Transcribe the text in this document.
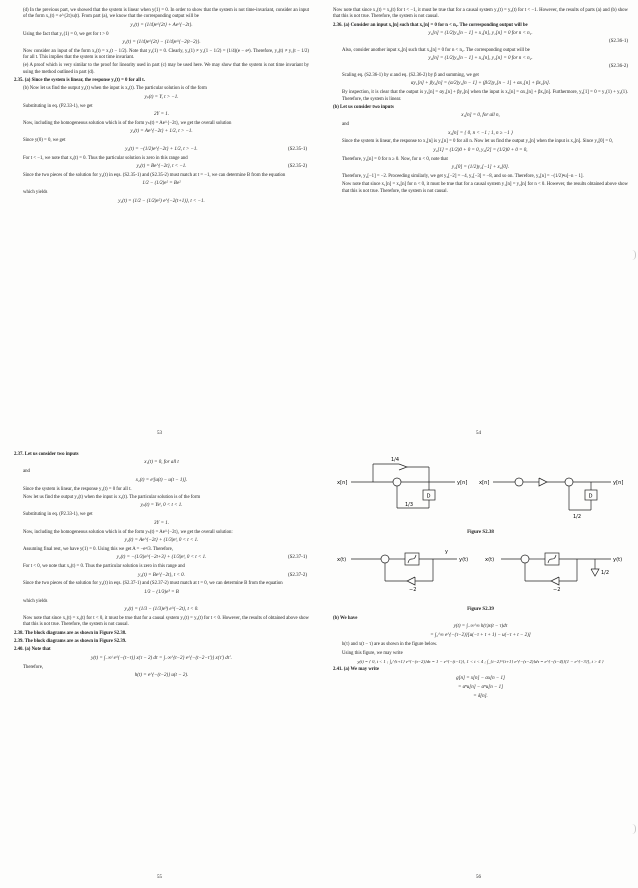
(d) In the previous part, we showed that the system is linear when y(1) = 0. In order to show that the system is not time-invariant, consider an input of the form x₁(t) = e^{2t}u(t). From part (a), we know that the corresponding output will be

y₁(t) = (1/4)e^{2t} + Ae^{−2t}.

Using the fact that y₁(1) = 0, we get for t > 0

y₁(t) = (1/4)e^{2t} − (1/4)e^{−2(t−2)}.

Now consider an input of the form x₂(t) = x₁(t − 1/2). Note that y₂(1) = 0. Clearly, y₂(1) ≠ y₁(1 − 1/2) = (1/4)(e − e²). Therefore, y₂(t) ≠ y₁(t − 1/2) for all t. This implies that the system is not time invariant.

(e) A proof which is very similar to the proof for linearity used in part (c) may be used here. We may show that the system is not time invariant by using the method outlined in part (d).

2.35. (a) Since the system is linear, the response y₁(t) = 0 for all t.

(b) Now let us find the output y₂(t) when the input is x₂(t). The particular solution is of the form

yₚ(t) = Y, t > −1.

Substituting in eq. (P2.33-1), we get

2Y = 1.

Now, including the homogeneous solution which is of the form yₕ(t) = Ae^{−2t}, we get the overall solution

y₂(t) = Ae^{−2t} + 1/2, t > −1.

Since y(0) = 0, we get

y₂(t) = −(1/2)e^{−2t} + 1/2, t > −1.	(S2.35-1)

For t < −1, we note that x₂(t) = 0. Thus the particular solution is zero in this range and

y₂(t) = Be^{−2t}, t < −1.	(S2.35-2)

Since the two pieces of the solution for y₂(t) in eqs. (S2.35-1) and (S2.35-2) must match at t = −1, we can determine B from the equation

1/2 − (1/2)e² = Be²

which yields

y₂(t) = (1/2 − (1/2)e²) e^{−2(t+1)}, t < −1.
53

Now note that since x₁(t) = x₂(t) for t < −1, it must be true that for a causal system y₁(t) = y₂(t) for t < −1. However, the results of parts (a) and (b) show that this is not true. Therefore, the system is not causal.

2.36. (a) Consider an input x₁[n] such that x₁[n] = 0 for n < n₁. The corresponding output will be

y₁[n] = (1/2)y₁[n − 1] + x₁[n], y₁[n] = 0 for n < n₁.
(S2.36-1)

Also, consider another input x₂[n] such that x₂[n] = 0 for n < n₂. The corresponding output will be

y₂[n] = (1/2)y₂[n − 1] + x₂[n], y₂[n] = 0 for n < n₂.
(S2.36-2)

Scaling eq. (S2.36-1) by α and eq. (S2.36-2) by β and summing, we get

αy₁[n] + βy₂[n] = (α/2)y₁[n − 1] + (β/2)y₂[n − 1] + αx₁[n] + βx₂[n].

By inspection, it is clear that the output is y₃[n] = αy₁[n] + βy₂[n] when the input is x₃[n] = αx₁[n] + βx₂[n]. Furthermore, y₃[1] = 0 = y₁(1) + y₂(1). Therefore, the system is linear.

(b) Let us consider two inputs

x₁[n] = 0, for all n,

and

x₂[n] = { 0, n < −1 ; 1, n ≥ −1 }

Since the system is linear, the response to x₁[n] is y₁[n] = 0 for all n. Now let us find the output y₂[n] when the input is x₂[n]. Since y₂[0] = 0,

y₂[1] = (1/2)0 + 0 = 0, y₂[2] = (1/2)0 + 0 = 0,

Therefore, y₂[n] = 0 for n ≥ 0. Now, for n < 0, note that

y₂[0] = (1/2)y₂[−1] + x₂[0].

Therefore, y₂[−1] = −2. Proceeding similarly, we get y₂[−2] = −4, y₂[−3] = −8, and so on. Therefore, y₂[n] = −(1/2)ⁿu[−n − 1].

Now note that since x₁[n] = x₂[n] for n < 0, it must be true that for a causal system y₁[n] = y₂[n] for n < 0. However, the results obtained above show that this is not true. Therefore, the system is not causal.

54

2.37. Let us consider two inputs

x₁(t) = 0, for all t

and

x₂(t) = eᵗ[u(t) − u(t − 1)].

Since the system is linear, the response y₁(t) = 0 for all t.

Now let us find the output y₂(t) when the input is x₂(t). The particular solution is of the form

yₚ(t) = Yeᵗ, 0 < t < 1.

Substituting in eq. (P2.33-1), we get

3Y = 1.

Now, including the homogeneous solution which is of the form yₕ(t) = Ae^{−2t}, we get the overall solution:

y₂(t) = Ae^{−2t} + (1/3)eᵗ, 0 < t < 1.

Assuming final rest, we have y(1) = 0. Using this we get A = −e²/3. Therefore,

y₂(t) = −(1/3)e^{−2t+3} + (1/3)eᵗ, 0 < t < 1.	(S2.37-1)

For t < 0, we note that x₂(t) = 0. Thus the particular solution is zero in this range and

y₂(t) = Be^{−2t}, t < 0.	(S2.37-2)

Since the two pieces of the solution for y₂(t) in eqs. (S2.37-1) and (S2.37-2) must match at t = 0, we can determine B from the equation

1/3 − (1/3)e³ = B

which yields

y₂(t) = (1/3 − (1/3)e³) e^{−2t}, t < 0.

Now note that since x₁(t) = x₂(t) for t < 0, it must be true that for a causal system y₁(t) = y₂(t) for t < 0. However, the results of obtained above show that this is not true. Therefore, the system is not causal.

2.38. The block diagrams are as shown in Figure S2.38.

2.39. The block diagrams are as shown in Figure S2.39.

2.40. (a) Note that

y(t) = ∫₋∞ᵗ e^{−(t−τ)} x(τ − 2) dτ = ∫₋∞^{t−2} e^{−(t−2−τ′)} x(τ′) dτ′.

Therefore,

h(t) = e^{−(t−2)} u(t − 2).
55
x[n]	y[n]
D
1/4
1/3
x[n]	y[n]
D
1/2
Figure S2.38
x(t)
y
y(t)
−2
x(t)	y(t)
−2
1/2
Figure S2.39

(b) We have

y(t) = ∫₋∞^∞ h(τ)x(t − τ)dτ
= ∫₂^∞ e^{−(τ−2)}[u(−τ + t + 1) − u(−τ + t − 2)]

h(τ) and x(t − τ) are as shown in the figure below.

Using this figure, we may write

y(t) = { 0, t < 1 ; ∫₂^{t+1} e^{−(τ−2)}dτ = 1 − e^{−(t−1)}, 1 < t < 4 ; ∫_{t−2}^{t+1} e^{−(τ−2)}dτ = e^{−(t−4)}[1 − e^{−3}], t > 4 }

2.41. (a) We may write

g[n] = x[n] − αx[n − 1]
= αⁿu[n] − αⁿu[n − 1]
= δ[n].
56
